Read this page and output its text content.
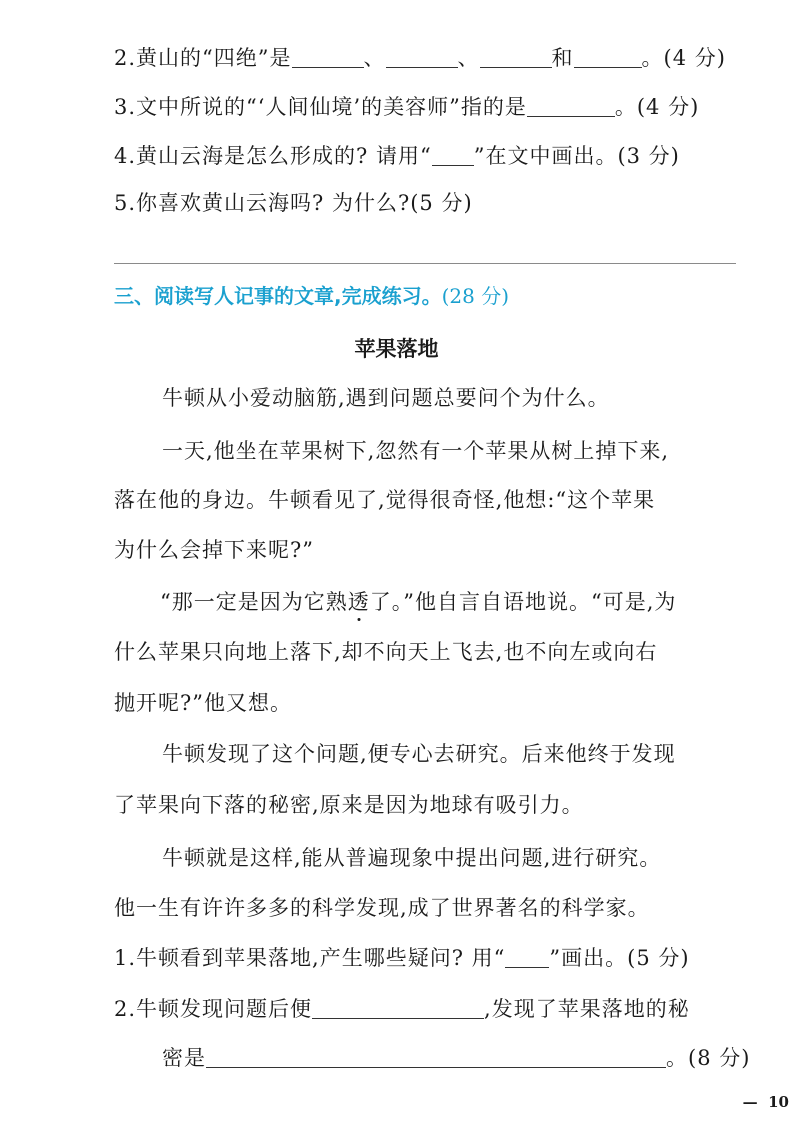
2.黄山的“四绝”是	、	、	和	。(4 分)
3.文中所说的“‘人间仙境’的美容师”指的是	。(4 分)
4.黄山云海是怎么形成的? 请用“ ”在文中画出。(3 分)
5.你喜欢黄山云海吗? 为什么?(5 分)
三、阅读写人记事的文章,完成练习。(28 分)
苹果落地
牛顿从小爱动脑筋,遇到问题总要问个为什么。
一天,他坐在苹果树下,忽然有一个苹果从树上掉下来,
落在他的身边。牛顿看见了,觉得很奇怪,他想:“这个苹果
为什么会掉下来呢?”
“那一定是因为它熟透了。”他自言自语地说。“可是,为
什么苹果只向地上落下,却不向天上飞去,也不向左或向右
抛开呢?”他又想。
牛顿发现了这个问题,便专心去研究。后来他终于发现
了苹果向下落的秘密,原来是因为地球有吸引力。
牛顿就是这样,能从普遍现象中提出问题,进行研究。
他一生有许许多多的科学发现,成了世界著名的科学家。
1.牛顿看到苹果落地,产生哪些疑问? 用“ ”画出。(5 分)
2.牛顿发现问题后便	,发现了苹果落地的秘
密是	。(8 分)
— 10
